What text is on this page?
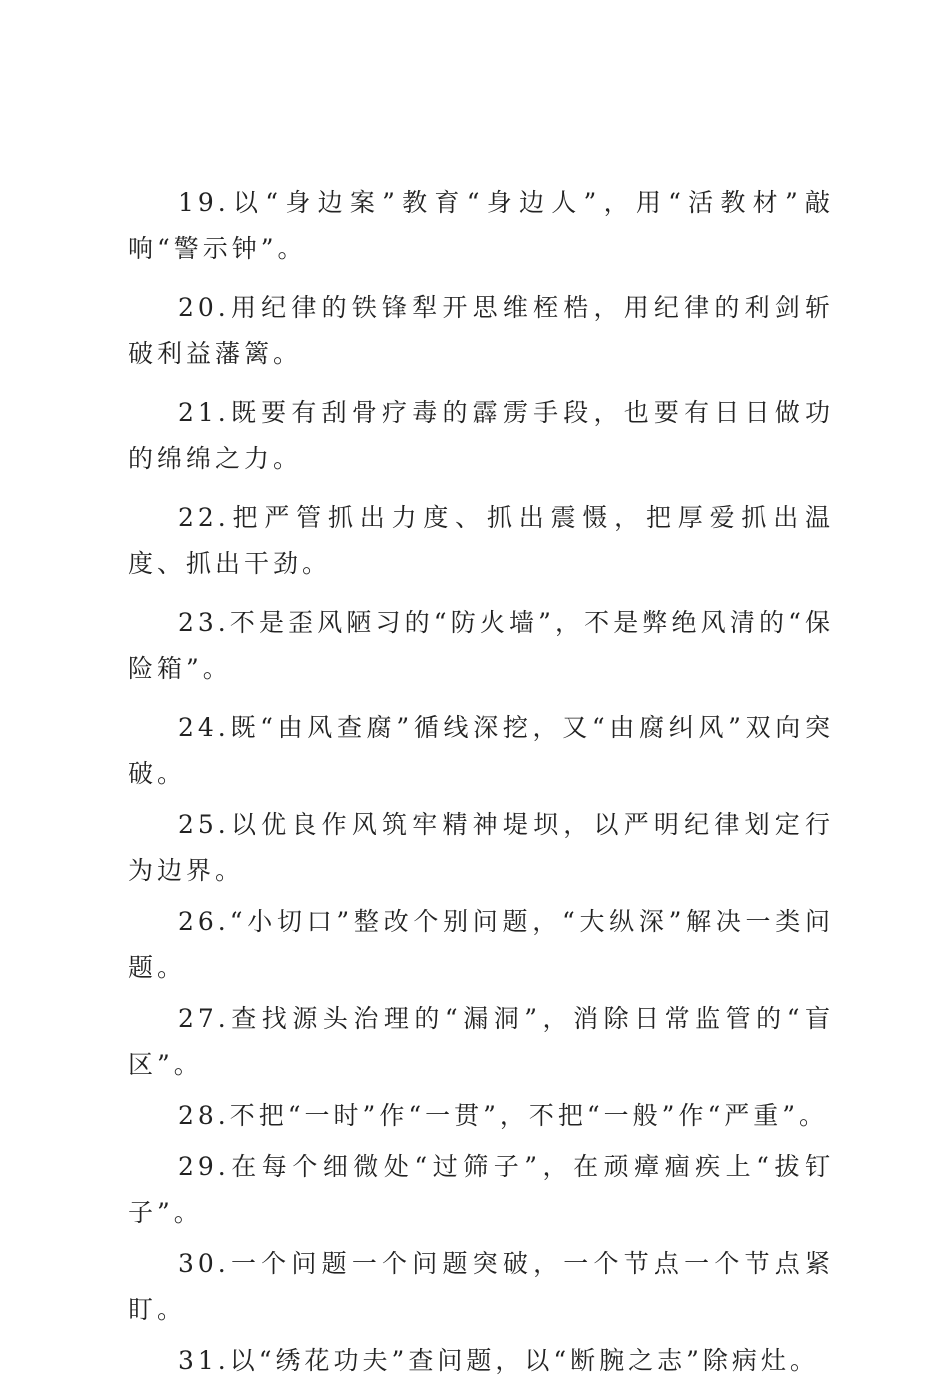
19.以“身边案”教育“身边人”，用“活教材”敲响“警示钟”。

20.用纪律的铁锋犁开思维桎梏，用纪律的利剑斩破利益藩篱。

21.既要有刮骨疗毒的霹雳手段，也要有日日做功的绵绵之力。

22.把严管抓出力度、抓出震慑，把厚爱抓出温度、抓出干劲。

23.不是歪风陋习的“防火墙”，不是弊绝风清的“保险箱”。

24.既“由风查腐”循线深挖，又“由腐纠风”双向突破。

25.以优良作风筑牢精神堤坝，以严明纪律划定行为边界。

26.“小切口”整改个别问题，“大纵深”解决一类问题。

27.查找源头治理的“漏洞”，消除日常监管的“盲区”。

28.不把“一时”作“一贯”，不把“一般”作“严重”。

29.在每个细微处“过筛子”，在顽瘴痼疾上“拔钉子”。

30.一个问题一个问题突破，一个节点一个节点紧盯。

31.以“绣花功夫”查问题，以“断腕之志”除病灶。
